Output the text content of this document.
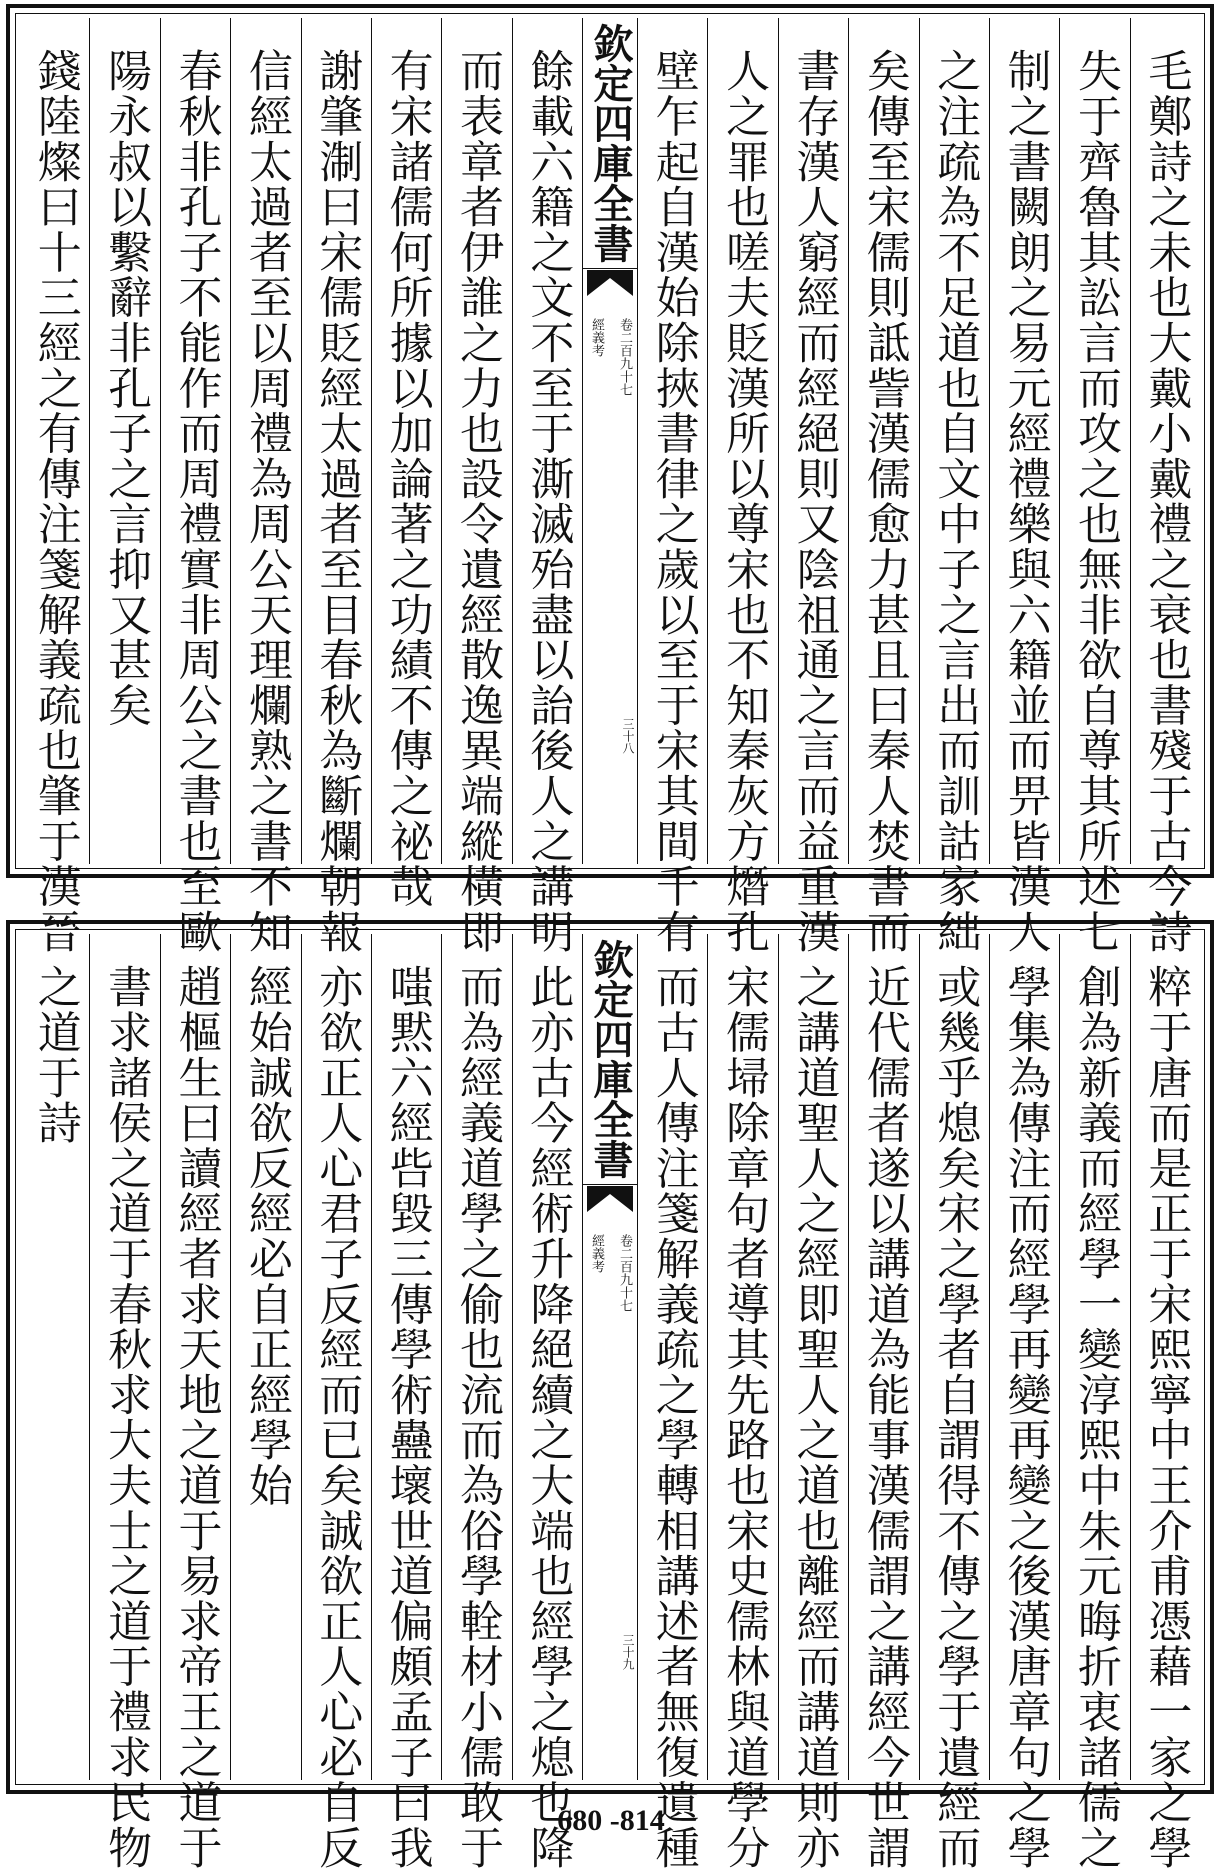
毛鄭詩之未也大戴小戴禮之衰也書殘于古今詩
失于齊魯其訟言而攻之也無非欲自尊其所述七
制之書闕朗之易元經禮樂與六籍並而畀皆漢人
之注疏為不足道也自文中子之言出而訓詁家絀
矣傳至宋儒則詆訾漢儒愈力甚且曰秦人焚書而
書存漢人窮經而經絕則又陰祖通之言而益重漢
人之罪也嗟夫貶漢所以尊宋也不知秦灰方熸孔
壁乍起自漢始除挾書律之歲以至于宋其間千有
欽定四庫全書
經義考 卷二百九十七
三十八
餘載六籍之文不至于澌滅殆盡以詒後人之講明
而表章者伊誰之力也設令遺經散逸異端縱橫即
有宋諸儒何所據以加論著之功績不傳之祕哉
謝肇淛曰宋儒貶經太過者至目春秋為斷爛朝報
信經太過者至以周禮為周公天理爛熟之書不知
春秋非孔子不能作而周禮實非周公之書也至歐
陽永叔以繫辭非孔子之言抑又甚矣
錢陸燦曰十三經之有傳注箋解義疏也肇于漢晉
粹于唐而是正于宋熙寧中王介甫憑藉一家之學
創為新義而經學一變淳熙中朱元晦折衷諸儒之
學集為傳注而經學再變再變之後漢唐章句之學
或幾乎熄矣宋之學者自謂得不傳之學于遺經而
近代儒者遂以講道為能事漢儒謂之講經今世謂
之講道聖人之經即聖人之道也離經而講道則亦
宋儒埽除章句者導其先路也宋史儒林與道學分
而古人傳注箋解義疏之學轉相講述者無復遺種
欽定四庫全書
經義考 卷二百九十七
三十九
此亦古今經術升降絕續之大端也經學之熄也降
而為經義道學之偷也流而為俗學輇材小儒敢于
嗤黙六經呰毀三傳學術蠱壞世道偏頗孟子曰我
亦欲正人心君子反經而已矣誠欲正人心必自反
經始誠欲反經必自正經學始
趙樞生曰讀經者求天地之道于易求帝王之道于
書求諸侯之道于春秋求大夫士之道于禮求民物
之道于詩
680 -814
